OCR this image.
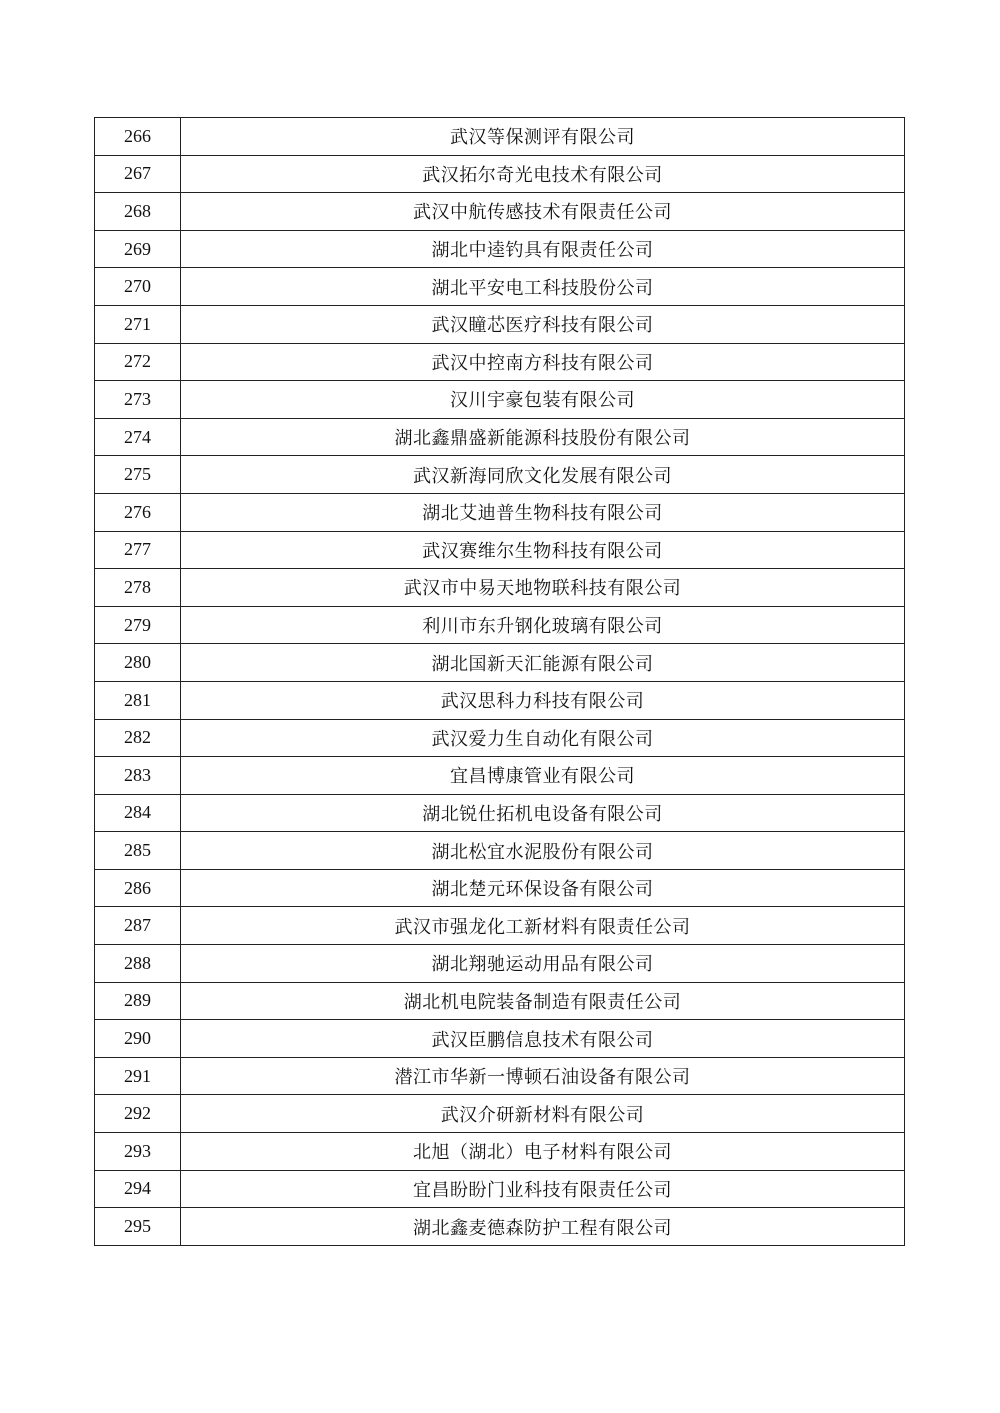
266	武汉等保测评有限公司
267	武汉拓尔奇光电技术有限公司
268	武汉中航传感技术有限责任公司
269	湖北中逵钓具有限责任公司
270	湖北平安电工科技股份公司
271	武汉瞳芯医疗科技有限公司
272	武汉中控南方科技有限公司
273	汉川宇豪包装有限公司
274	湖北鑫鼎盛新能源科技股份有限公司
275	武汉新海同欣文化发展有限公司
276	湖北艾迪普生物科技有限公司
277	武汉赛维尔生物科技有限公司
278	武汉市中易天地物联科技有限公司
279	利川市东升钢化玻璃有限公司
280	湖北国新天汇能源有限公司
281	武汉思科力科技有限公司
282	武汉爱力生自动化有限公司
283	宜昌博康管业有限公司
284	湖北锐仕拓机电设备有限公司
285	湖北松宜水泥股份有限公司
286	湖北楚元环保设备有限公司
287	武汉市强龙化工新材料有限责任公司
288	湖北翔驰运动用品有限公司
289	湖北机电院装备制造有限责任公司
290	武汉臣鹏信息技术有限公司
291	潜江市华新一博顿石油设备有限公司
292	武汉介研新材料有限公司
293	北旭（湖北）电子材料有限公司
294	宜昌盼盼门业科技有限责任公司
295	湖北鑫麦德森防护工程有限公司
